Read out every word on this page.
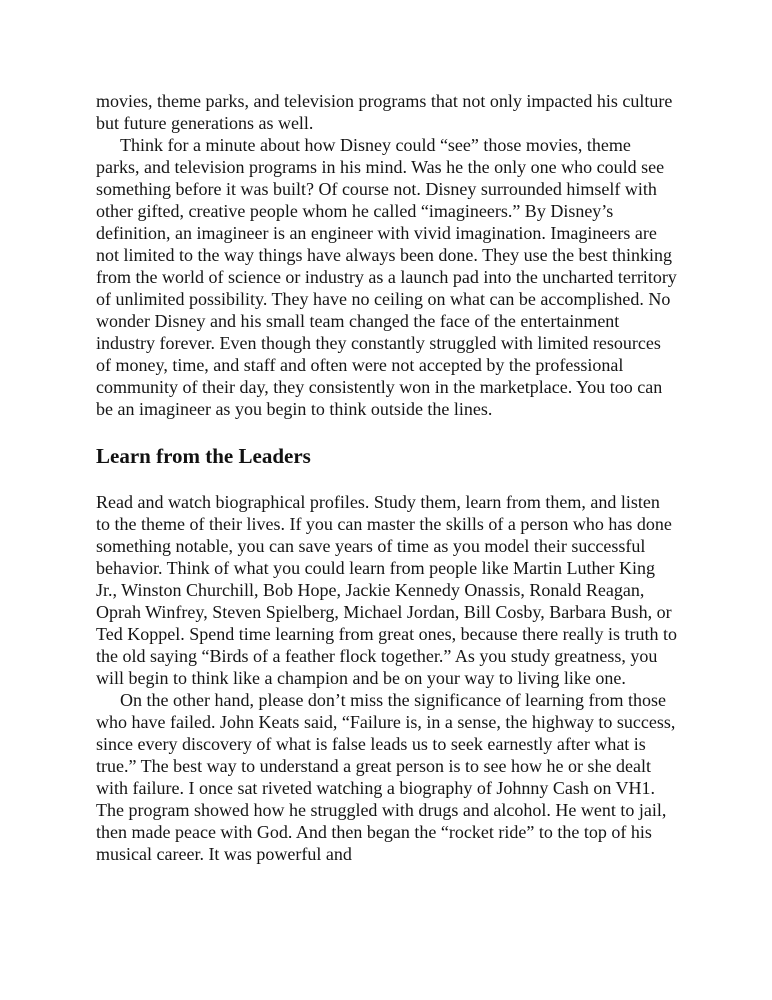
movies, theme parks, and television programs that not only impacted his culture but future generations as well.

Think for a minute about how Disney could “see” those movies, theme parks, and television programs in his mind. Was he the only one who could see something before it was built? Of course not. Disney surrounded himself with other gifted, creative people whom he called “imagineers.” By Disney’s definition, an imagineer is an engineer with vivid imagination. Imagineers are not limited to the way things have always been done. They use the best thinking from the world of science or industry as a launch pad into the uncharted territory of unlimited possibility. They have no ceiling on what can be accomplished. No wonder Disney and his small team changed the face of the entertainment industry forever. Even though they constantly struggled with limited resources of money, time, and staff and often were not accepted by the professional community of their day, they consistently won in the marketplace. You too can be an imagineer as you begin to think outside the lines.

Learn from the Leaders

Read and watch biographical profiles. Study them, learn from them, and listen to the theme of their lives. If you can master the skills of a person who has done something notable, you can save years of time as you model their successful behavior. Think of what you could learn from people like Martin Luther King Jr., Winston Churchill, Bob Hope, Jackie Kennedy Onassis, Ronald Reagan, Oprah Winfrey, Steven Spielberg, Michael Jordan, Bill Cosby, Barbara Bush, or Ted Koppel. Spend time learning from great ones, because there really is truth to the old saying “Birds of a feather flock together.” As you study greatness, you will begin to think like a champion and be on your way to living like one.

On the other hand, please don’t miss the significance of learning from those who have failed. John Keats said, “Failure is, in a sense, the highway to success, since every discovery of what is false leads us to seek earnestly after what is true.” The best way to understand a great person is to see how he or she dealt with failure. I once sat riveted watching a biography of Johnny Cash on VH1. The program showed how he struggled with drugs and alcohol. He went to jail, then made peace with God. And then began the “rocket ride” to the top of his musical career. It was powerful and
